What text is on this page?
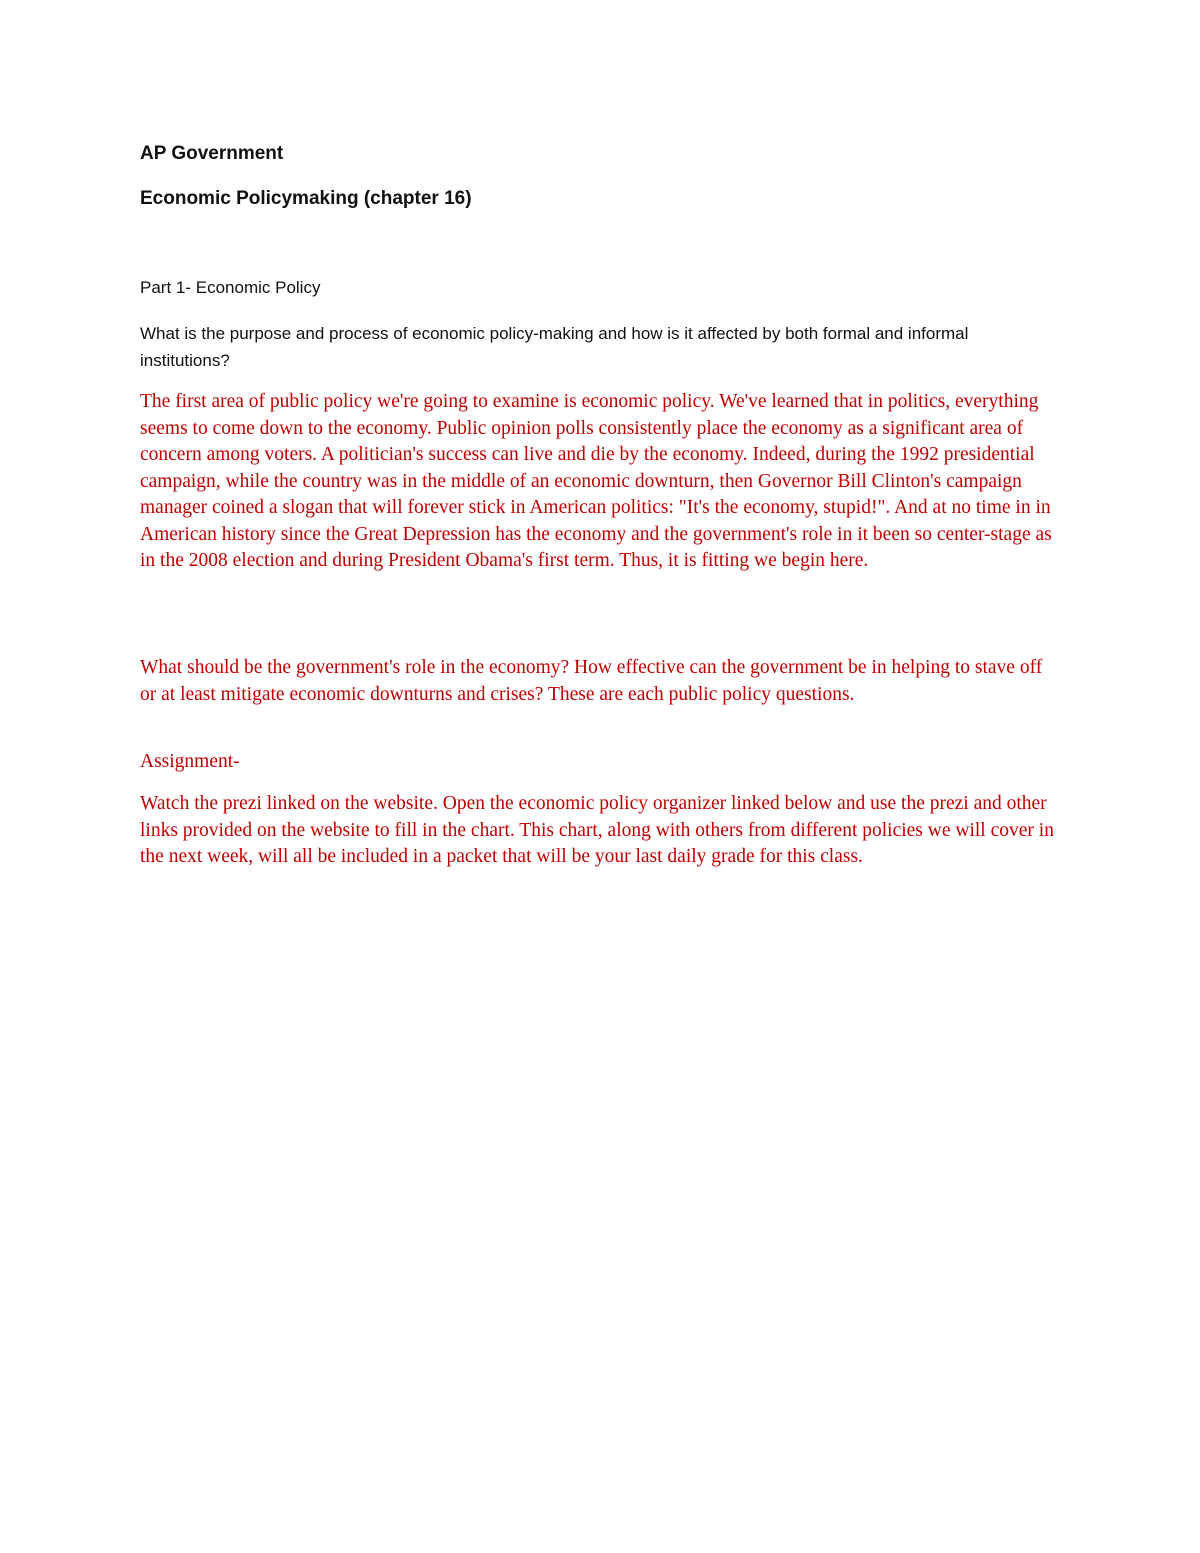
AP Government
Economic Policymaking (chapter 16)
Part 1- Economic Policy
What is the purpose and process of economic policy-making and how is it affected by both formal and informal institutions?
The first area of public policy we're going to examine is economic policy. We've learned that in politics, everything seems to come down to the economy. Public opinion polls consistently place the economy as a significant area of concern among voters. A politician's success can live and die by the economy. Indeed, during the 1992 presidential campaign, while the country was in the middle of an economic downturn, then Governor Bill Clinton's campaign manager coined a slogan that will forever stick in American politics: "It's the economy, stupid!". And at no time in in American history since the Great Depression has the economy and the government's role in it been so center-stage as in the 2008 election and during President Obama's first term. Thus, it is fitting we begin here.
What should be the government's role in the economy? How effective can the government be in helping to stave off or at least mitigate economic downturns and crises? These are each public policy questions.
Assignment-
Watch the prezi linked on the website. Open the economic policy organizer linked below and use the prezi and other links provided on the website to fill in the chart. This chart, along with others from different policies we will cover in the next week, will all be included in a packet that will be your last daily grade for this class.
